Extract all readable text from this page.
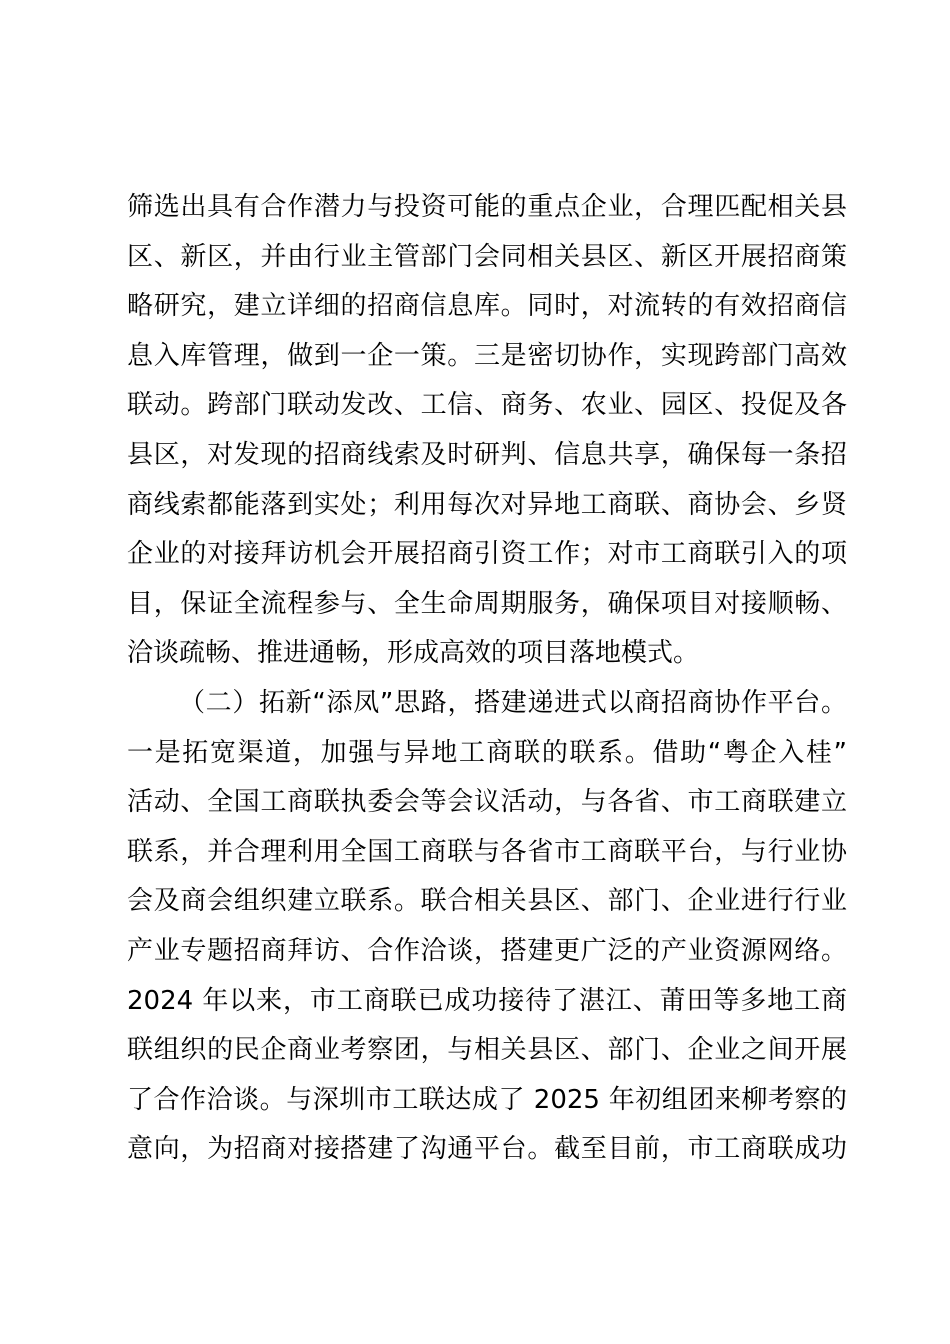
筛选出具有合作潜力与投资可能的重点企业，合理匹配相关县
区、新区，并由行业主管部门会同相关县区、新区开展招商策
略研究，建立详细的招商信息库。同时，对流转的有效招商信
息入库管理，做到一企一策。三是密切协作，实现跨部门高效
联动。跨部门联动发改、工信、商务、农业、园区、投促及各
县区，对发现的招商线索及时研判、信息共享，确保每一条招
商线索都能落到实处；利用每次对异地工商联、商协会、乡贤
企业的对接拜访机会开展招商引资工作；对市工商联引入的项
目，保证全流程参与、全生命周期服务，确保项目对接顺畅、
洽谈疏畅、推进通畅，形成高效的项目落地模式。
（二）拓新“添凤”思路，搭建递进式以商招商协作平台。
一是拓宽渠道，加强与异地工商联的联系。借助“粤企入桂”
活动、全国工商联执委会等会议活动，与各省、市工商联建立
联系，并合理利用全国工商联与各省市工商联平台，与行业协
会及商会组织建立联系。联合相关县区、部门、企业进行行业
产业专题招商拜访、合作洽谈，搭建更广泛的产业资源网络。
2024 年以来，市工商联已成功接待了湛江、莆田等多地工商
联组织的民企商业考察团，与相关县区、部门、企业之间开展
了合作洽谈。与深圳市工联达成了 2025 年初组团来柳考察的
意向，为招商对接搭建了沟通平台。截至目前，市工商联成功
